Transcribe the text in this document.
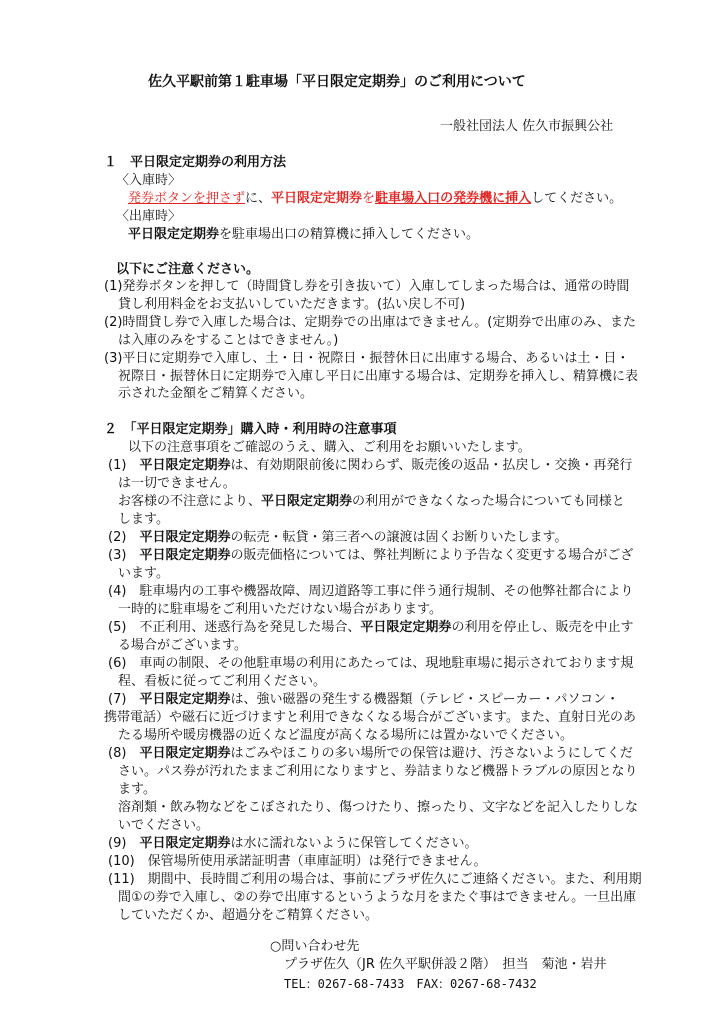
佐久平駅前第１駐車場「平日限定定期券」のご利用について
一般社団法人 佐久市振興公社
１　平日限定定期券の利用方法
〈入庫時〉
発券ボタンを押さずに、平日限定定期券を駐車場入口の発券機に挿入してください。
〈出庫時〉
平日限定定期券を駐車場出口の精算機に挿入してください。
以下にご注意ください。
(1)発券ボタンを押して（時間貸し券を引き抜いて）入庫してしまった場合は、通常の時間
貸し利用料金をお支払いしていただきます。(払い戻し不可)
(2)時間貸し券で入庫した場合は、定期券での出庫はできません。(定期券で出庫のみ、また
は入庫のみをすることはできません。)
(3)平日に定期券で入庫し、土・日・祝際日・振替休日に出庫する場合、あるいは土・日・
祝際日・振替休日に定期券で入庫し平日に出庫する場合は、定期券を挿入し、精算機に表
示された金額をご精算ください。
２　「平日限定定期券」購入時・利用時の注意事項
以下の注意事項をご確認のうえ、購入、ご利用をお願いいたします。
(1)　 平日限定定期券は、有効期限前後に関わらず、販売後の返品・払戻し・交換・再発行
は一切できません。
お客様の不注意により、平日限定定期券の利用ができなくなった場合についても同様と
します。
(2)　 平日限定定期券の転売・転貸・第三者への譲渡は固くお断りいたします。
(3)　 平日限定定期券の販売価格については、弊社判断により予告なく変更する場合がござ
います。
(4)　駐車場内の工事や機器故障、周辺道路等工事に伴う通行規制、その他弊社都合により
一時的に駐車場をご利用いただけない場合があります。
(5)　不正利用、迷惑行為を発見した場合、平日限定定期券の利用を停止し、販売を中止す
る場合がございます。
(6)　車両の制限、その他駐車場の利用にあたっては、現地駐車場に掲示されております規
程、看板に従ってご利用ください。
(7)　 平日限定定期券は、強い磁器の発生する機器類（テレビ・スピーカー・パソコン・
携帯電話）や磁石に近づけますと利用できなくなる場合がございます。また、直射日光のあ
たる場所や暖房機器の近くなど温度が高くなる場所には置かないでください。
(8)　 平日限定定期券はごみやほこりの多い場所での保管は避け、汚さないようにしてくだ
さい。パス券が汚れたままご利用になりますと、券詰まりなど機器トラブルの原因となり
ます。
溶剤類・飲み物などをこぼされたり、傷つけたり、擦ったり、文字などを記入したりしな
いでください。
(9)　 平日限定定期券は水に濡れないように保管してください。
(10)　保管場所使用承諾証明書（車庫証明）は発行できません。
(11)　期間中、長時間ご利用の場合は、事前にプラザ佐久にご連絡ください。また、利用期
間①の券で入庫し、②の券で出庫するというような月をまたぐ事はできません。一旦出庫
していただくか、超過分をご精算ください。
○問い合わせ先
プラザ佐久（JR 佐久平駅併設２階）　担当　菊池・岩井
TEL：0267-68-7433　FAX：0267-68-7432
